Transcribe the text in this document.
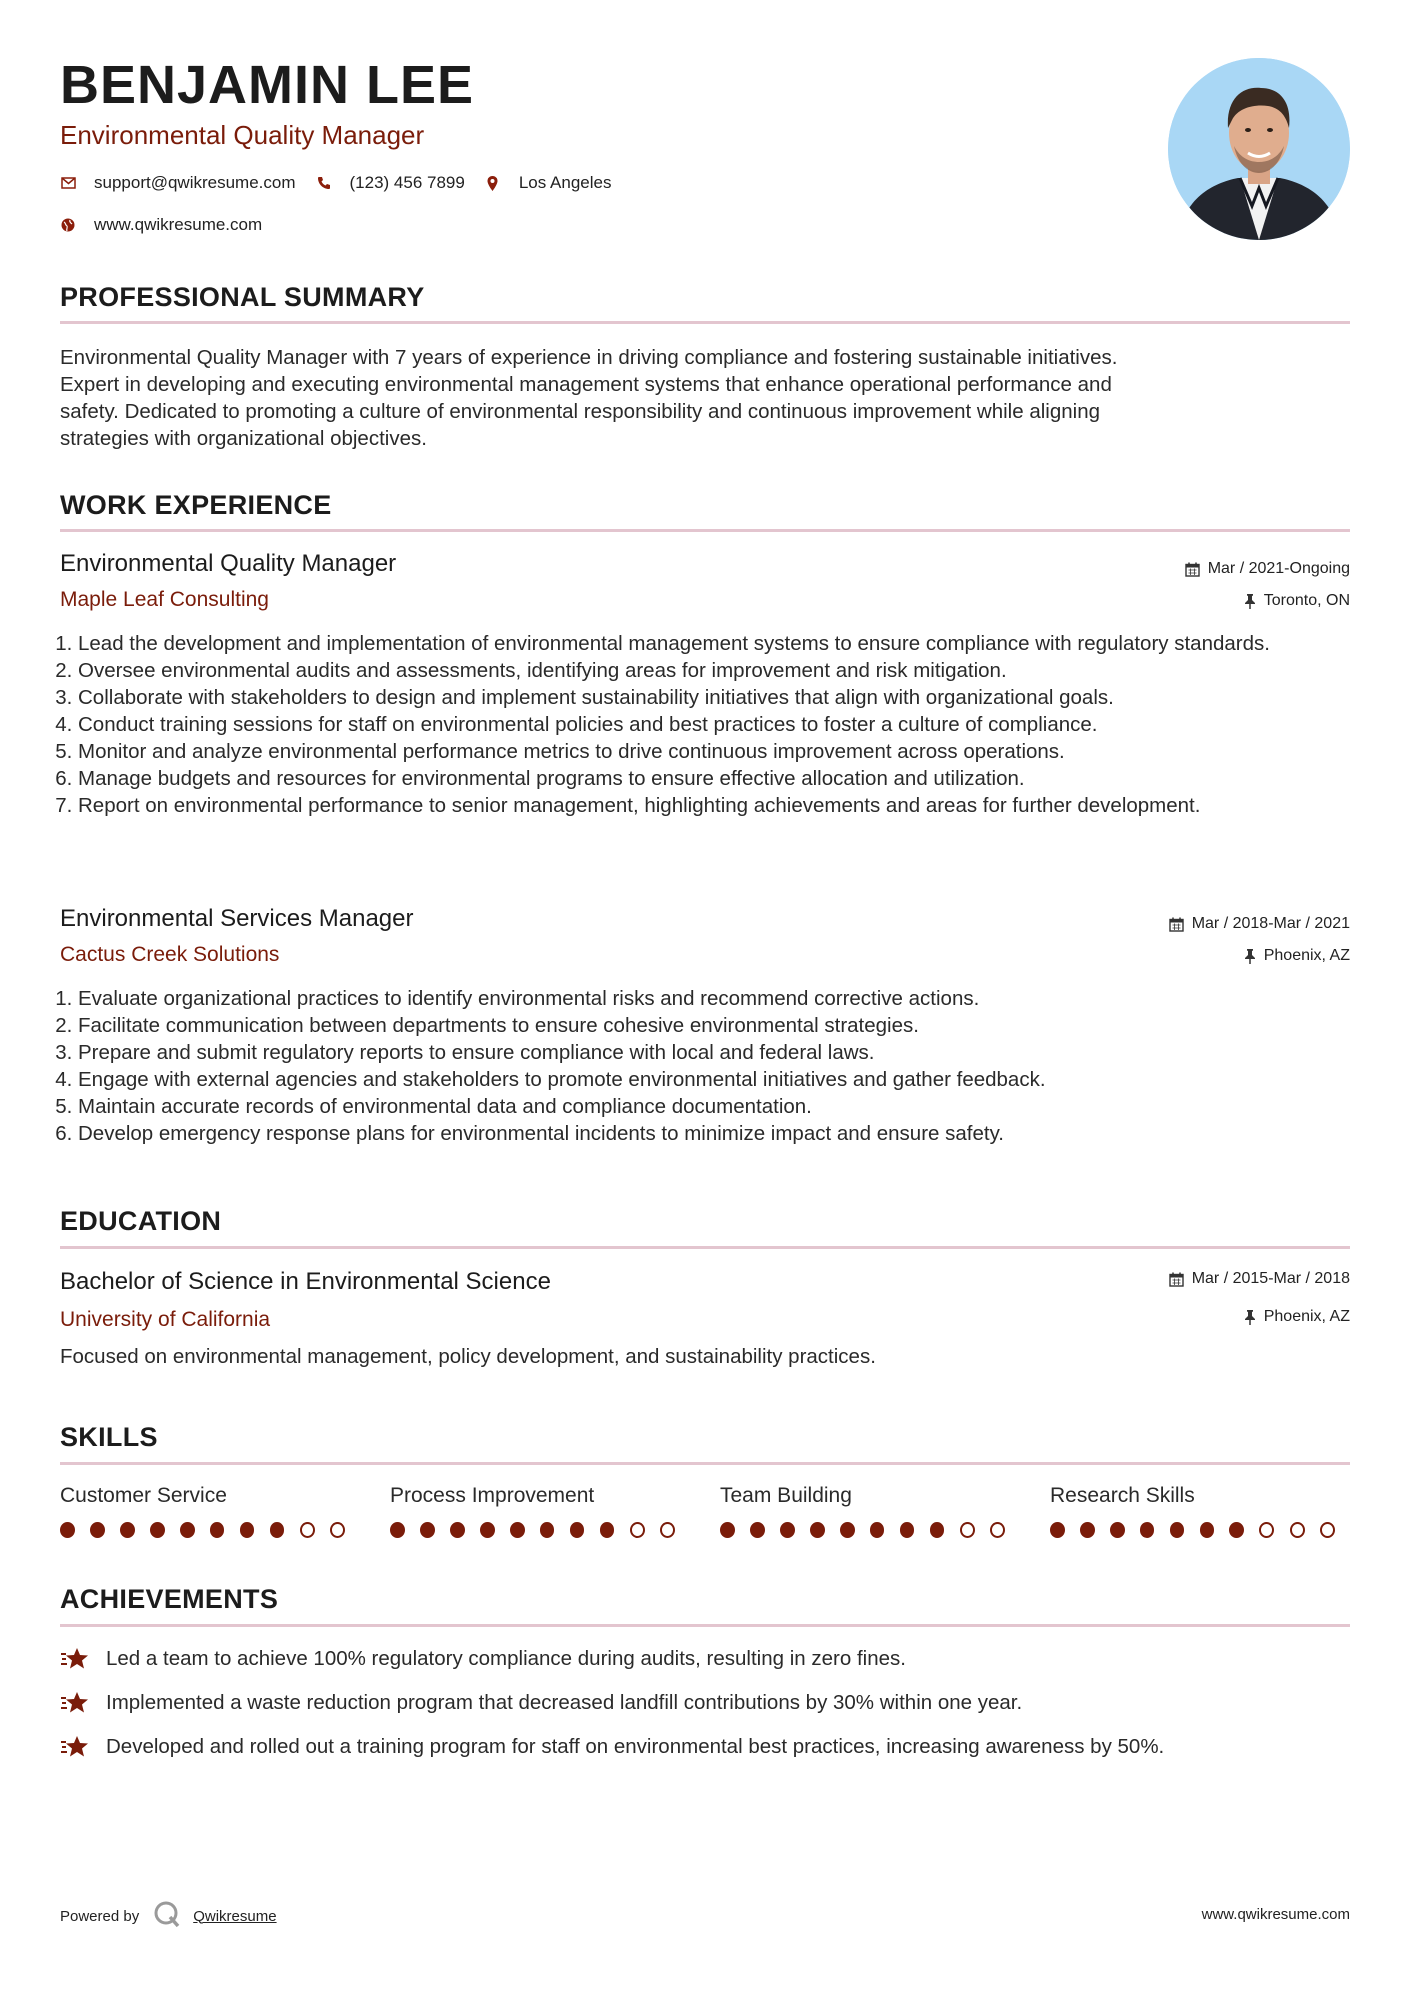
BENJAMIN LEE
Environmental Quality Manager
support@qwikresume.com	(123) 456 7899	Los Angeles
www.qwikresume.com
PROFESSIONAL SUMMARY
Environmental Quality Manager with 7 years of experience in driving compliance and fostering sustainable initiatives.
Expert in developing and executing environmental management systems that enhance operational performance and
safety. Dedicated to promoting a culture of environmental responsibility and continuous improvement while aligning
strategies with organizational objectives.
WORK EXPERIENCE
Environmental Quality Manager	Mar / 2021-Ongoing
Maple Leaf Consulting	Toronto, ON
1. Lead the development and implementation of environmental management systems to ensure compliance with regulatory standards.
2. Oversee environmental audits and assessments, identifying areas for improvement and risk mitigation.
3. Collaborate with stakeholders to design and implement sustainability initiatives that align with organizational goals.
4. Conduct training sessions for staff on environmental policies and best practices to foster a culture of compliance.
5. Monitor and analyze environmental performance metrics to drive continuous improvement across operations.
6. Manage budgets and resources for environmental programs to ensure effective allocation and utilization.
7. Report on environmental performance to senior management, highlighting achievements and areas for further development.
Environmental Services Manager	Mar / 2018-Mar / 2021
Cactus Creek Solutions	Phoenix, AZ
1. Evaluate organizational practices to identify environmental risks and recommend corrective actions.
2. Facilitate communication between departments to ensure cohesive environmental strategies.
3. Prepare and submit regulatory reports to ensure compliance with local and federal laws.
4. Engage with external agencies and stakeholders to promote environmental initiatives and gather feedback.
5. Maintain accurate records of environmental data and compliance documentation.
6. Develop emergency response plans for environmental incidents to minimize impact and ensure safety.
EDUCATION
Bachelor of Science in Environmental Science	Mar / 2015-Mar / 2018
University of California	Phoenix, AZ
Focused on environmental management, policy development, and sustainability practices.
SKILLS
Customer Service	Process Improvement	Team Building	Research Skills
ACHIEVEMENTS
Led a team to achieve 100% regulatory compliance during audits, resulting in zero fines.
Implemented a waste reduction program that decreased landfill contributions by 30% within one year.
Developed and rolled out a training program for staff on environmental best practices, increasing awareness by 50%.
Powered by	Qwikresume	www.qwikresume.com
